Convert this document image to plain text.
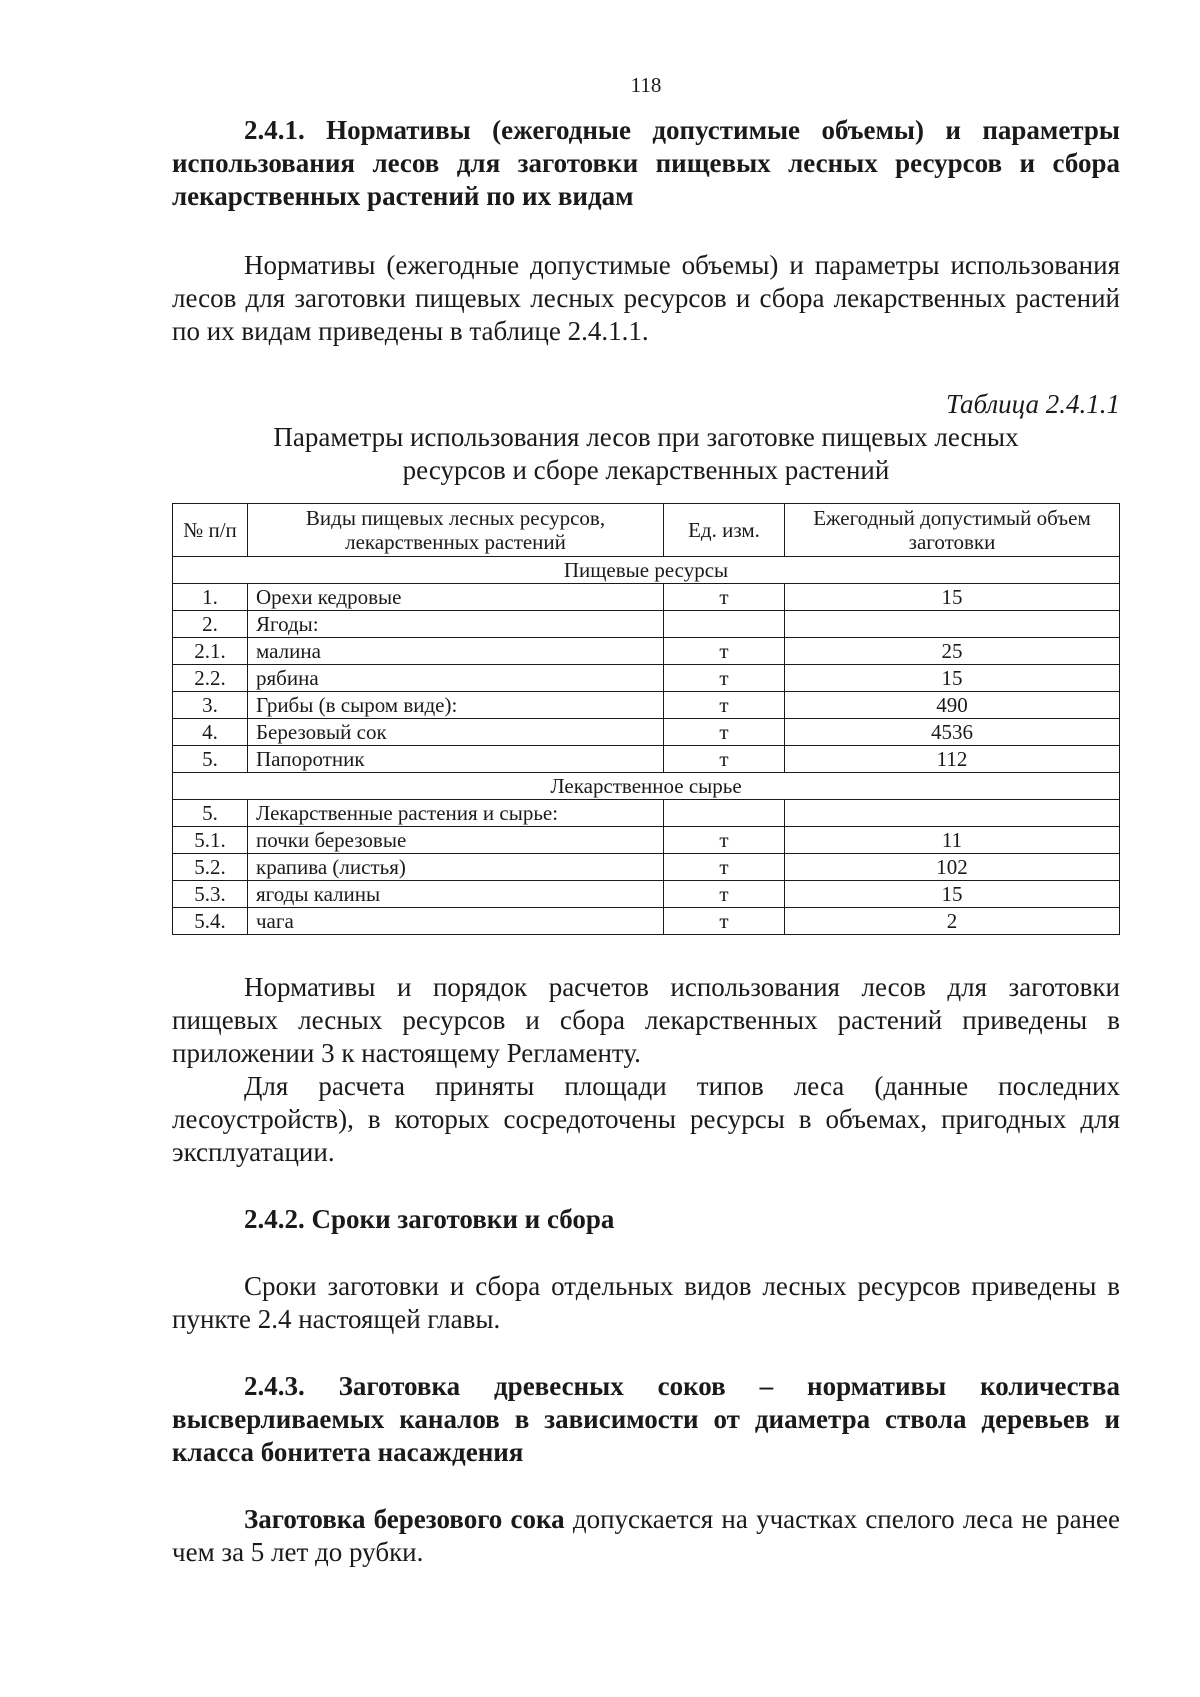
118

2.4.1. Нормативы (ежегодные допустимые объемы) и параметры использования лесов для заготовки пищевых лесных ресурсов и сбора лекарственных растений по их видам

Нормативы (ежегодные допустимые объемы) и параметры использования лесов для заготовки пищевых лесных ресурсов и сбора лекарственных растений по их видам приведены в таблице 2.4.1.1.

Таблица 2.4.1.1
Параметры использования лесов при заготовке пищевых лесных ресурсов и сборе лекарственных растений
№ п/п	Виды пищевых лесных ресурсов, лекарственных растений	Ед. изм.	Ежегодный допустимый объем заготовки
Пищевые ресурсы			
1.	Орехи кедровые	т	15
2.	Ягоды:		
2.1.	малина	т	25
2.2.	рябина	т	15
3.	Грибы (в сыром виде):	т	490
4.	Березовый сок	т	4536
5.	Папоротник	т	112
Лекарственное сырье			
5.	Лекарственные растения и сырье:		
5.1.	почки березовые	т	11
5.2.	крапива (листья)	т	102
5.3.	ягоды калины	т	15
5.4.	чага	т	2

Нормативы и порядок расчетов использования лесов для заготовки пищевых лесных ресурсов и сбора лекарственных растений приведены в приложении 3 к настоящему Регламенту.

Для расчета приняты площади типов леса (данные последних лесоустройств), в которых сосредоточены ресурсы в объемах, пригодных для эксплуатации.

2.4.2. Сроки заготовки и сбора

Сроки заготовки и сбора отдельных видов лесных ресурсов приведены в пункте 2.4 настоящей главы.

2.4.3. Заготовка древесных соков – нормативы количества высверливаемых каналов в зависимости от диаметра ствола деревьев и класса бонитета насаждения

Заготовка березового сока допускается на участках спелого леса не ранее чем за 5 лет до рубки.
